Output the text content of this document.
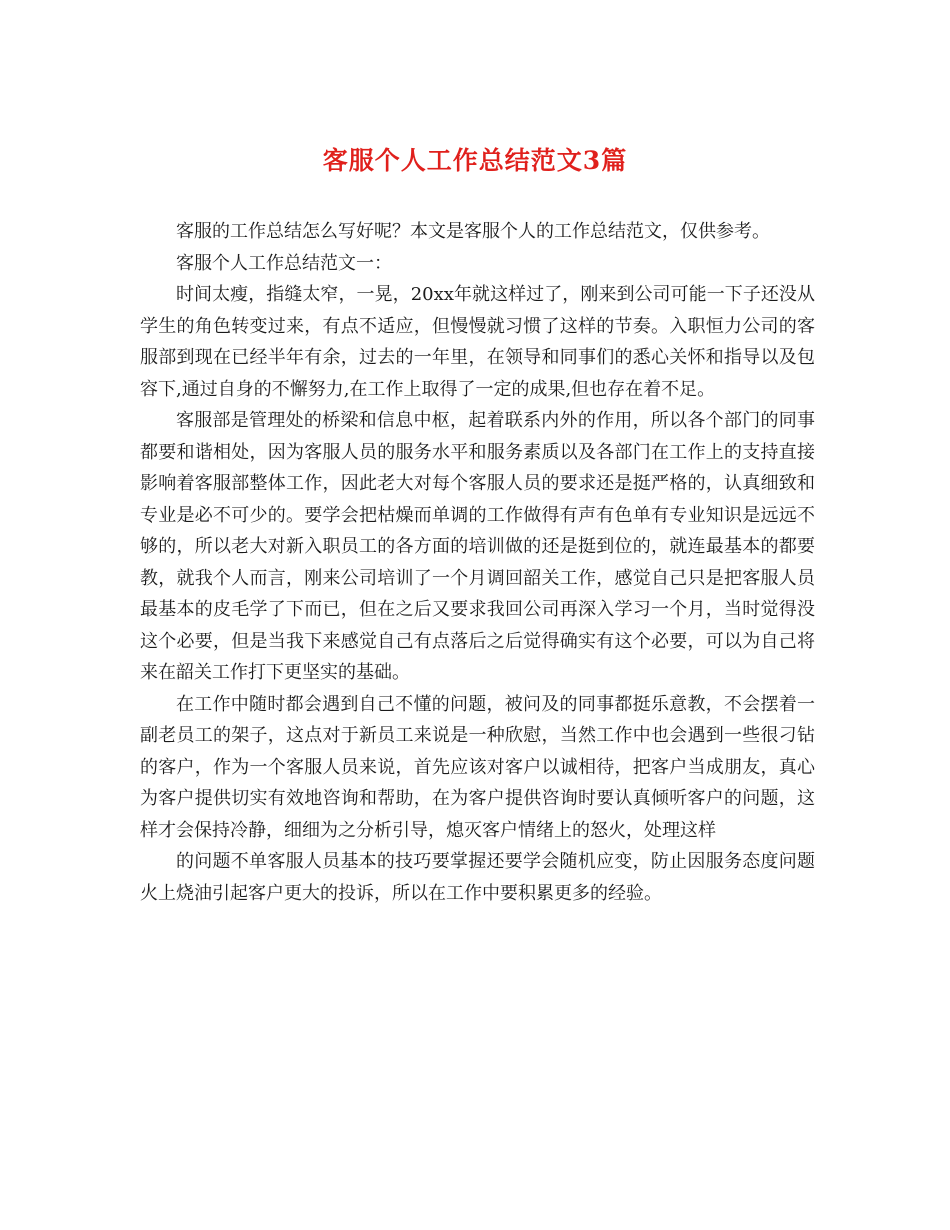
客服个人工作总结范文3篇

客服的工作总结怎么写好呢？本文是客服个人的工作总结范文，仅供参考。

客服个人工作总结范文一：

时间太瘦，指缝太窄，一晃，20xx年就这样过了，刚来到公司可能一下子还没从学生的角色转变过来，有点不适应，但慢慢就习惯了这样的节奏。入职恒力公司的客服部到现在已经半年有余，过去的一年里，在领导和同事们的悉心关怀和指导以及包容下,通过自身的不懈努力,在工作上取得了一定的成果,但也存在着不足。

客服部是管理处的桥梁和信息中枢，起着联系内外的作用，所以各个部门的同事都要和谐相处，因为客服人员的服务水平和服务素质以及各部门在工作上的支持直接影响着客服部整体工作，因此老大对每个客服人员的要求还是挺严格的，认真细致和专业是必不可少的。要学会把枯燥而单调的工作做得有声有色单有专业知识是远远不够的，所以老大对新入职员工的各方面的培训做的还是挺到位的，就连最基本的都要教，就我个人而言，刚来公司培训了一个月调回韶关工作，感觉自己只是把客服人员最基本的皮毛学了下而已，但在之后又要求我回公司再深入学习一个月，当时觉得没这个必要，但是当我下来感觉自己有点落后之后觉得确实有这个必要，可以为自己将来在韶关工作打下更坚实的基础。

在工作中随时都会遇到自己不懂的问题，被问及的同事都挺乐意教，不会摆着一副老员工的架子，这点对于新员工来说是一种欣慰，当然工作中也会遇到一些很刁钻的客户，作为一个客服人员来说，首先应该对客户以诚相待，把客户当成朋友，真心为客户提供切实有效地咨询和帮助，在为客户提供咨询时要认真倾听客户的问题，这样才会保持冷静，细细为之分析引导，熄灭客户情绪上的怒火，处理这样

的问题不单客服人员基本的技巧要掌握还要学会随机应变，防止因服务态度问题火上烧油引起客户更大的投诉，所以在工作中要积累更多的经验。
